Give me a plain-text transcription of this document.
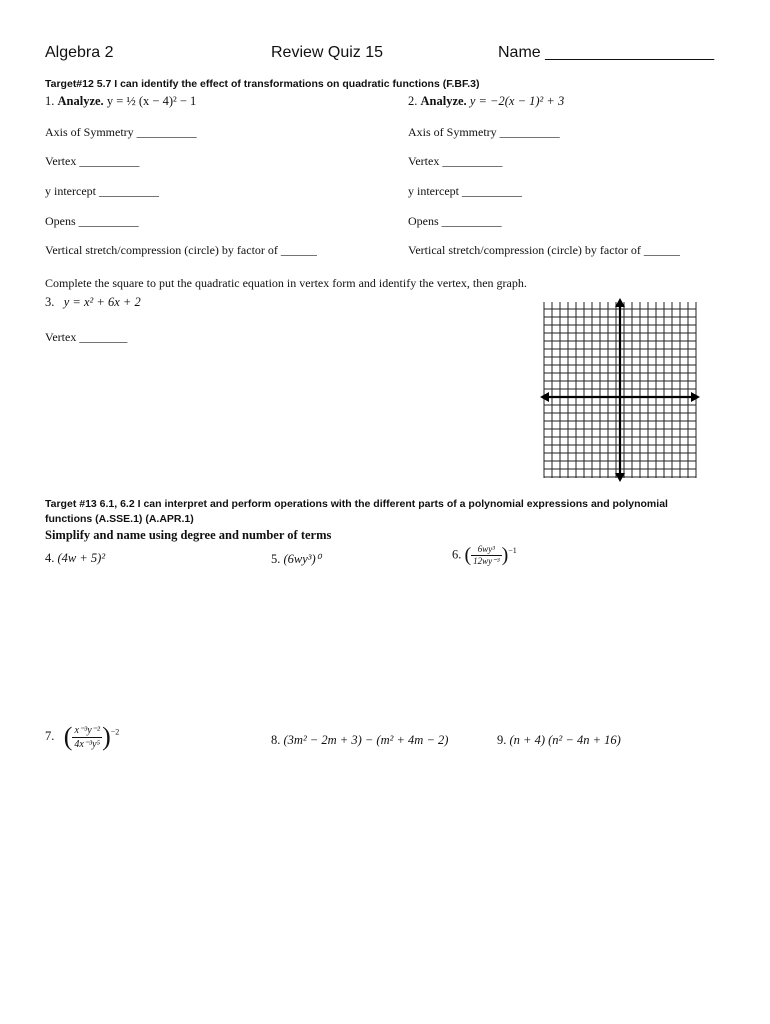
Algebra 2	Review Quiz 15	Name ___________________
Target#12 5.7 I can identify the effect of transformations on quadratic functions (F.BF.3)
1. Analyze. y = ½ (x − 4)² − 1	2. Analyze. y = −2(x − 1)² + 3
Axis of Symmetry __________
Vertex __________
y intercept __________
Opens __________
Vertical stretch/compression (circle) by factor of ______
Axis of Symmetry __________
Vertex __________
y intercept __________
Opens __________
Vertical stretch/compression (circle) by factor of ______
Complete the square to put the quadratic equation in vertex form and identify the vertex, then graph.
3. y = x² + 6x + 2
Vertex ________
Target #13 6.1, 6.2 I can interpret and perform operations with the different parts of a polynomial expressions and polynomial
functions (A.SSE.1) (A.APR.1)
Simplify and name using degree and number of terms
4. (4w + 5)²	5. (6wy³)⁰	6. ( $\frac{\text{6wy³}}{\text{12wy⁻³}} )^{-1}$
7. ( $\frac{\text{x⁻³y⁻²}}{\text{4x⁻³y⁵}} )^{-2}$
8. (3m² − 2m + 3) − (m² + 4m − 2)	9. (n + 4) (n² − 4n + 16)
